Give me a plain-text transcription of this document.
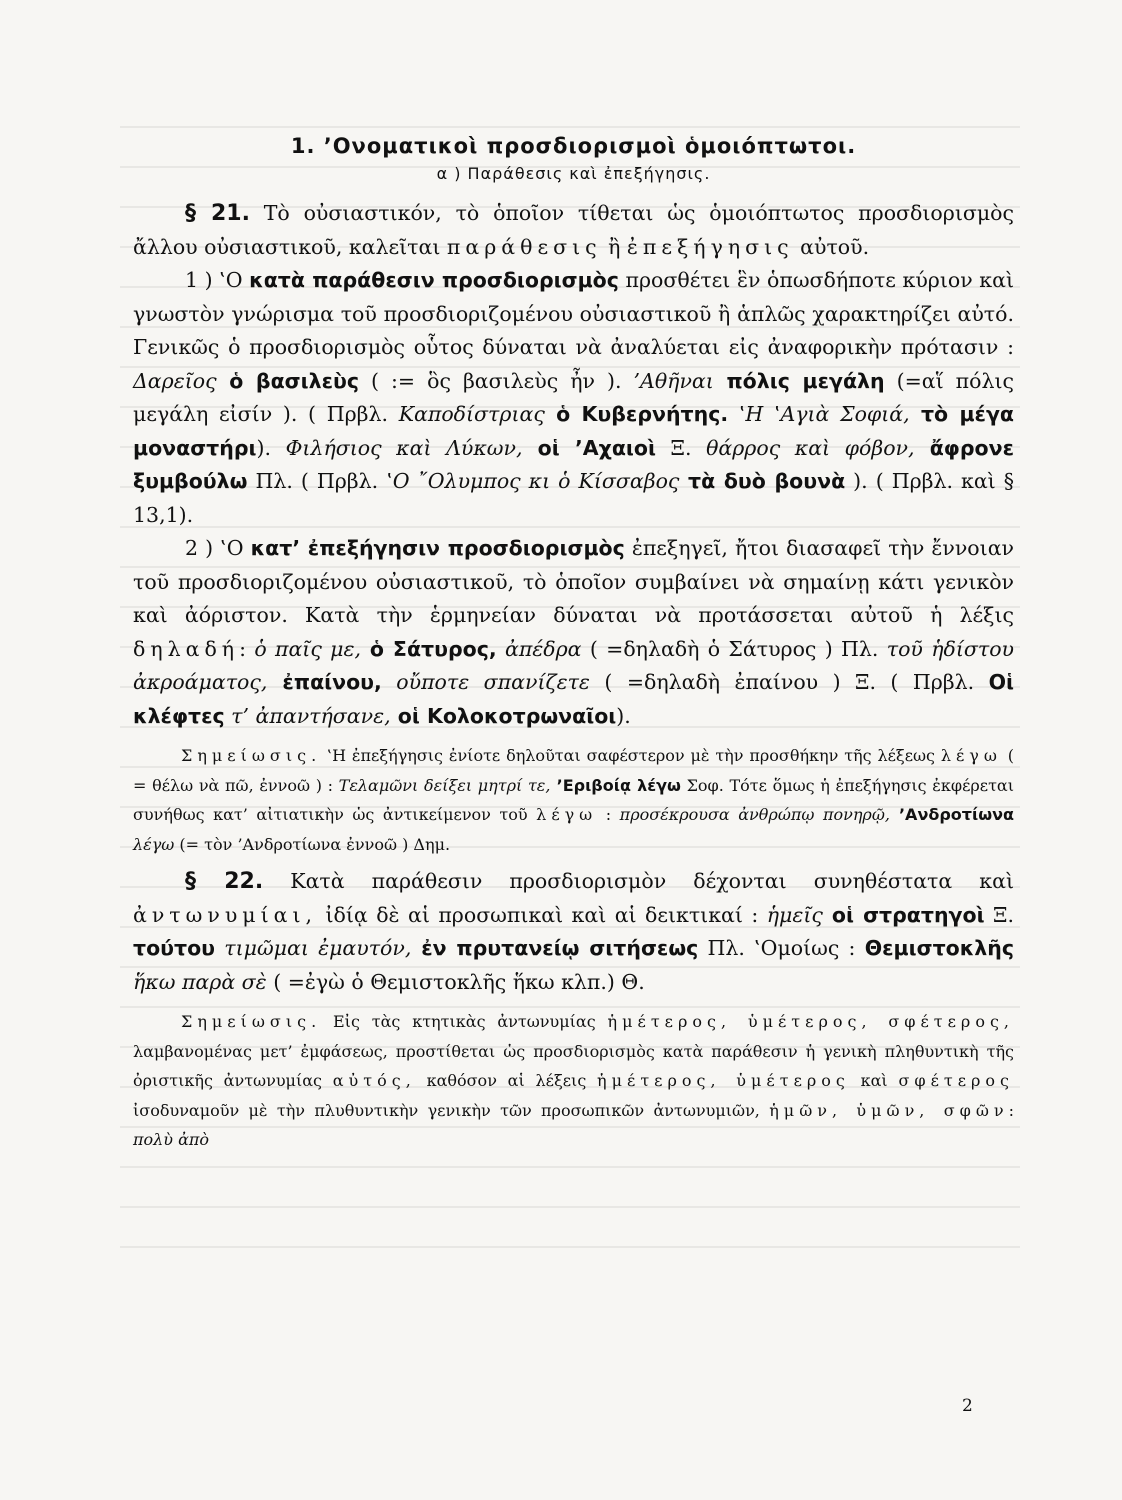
1. ’Ονοματικοὶ προσδιορισμοὶ ὁμοιόπτωτοι.
α ) Παράθεσις καὶ ἐπεξήγησις.

§ 21. Τὸ οὐσιαστικόν, τὸ ὁποῖον τίθεται ὡς ὁμοιόπτωτος προσδιορισμὸς ἄλλου οὐσιαστικοῦ, καλεῖται παράθεσις ἢ ἐπεξήγησις αὐτοῦ.

1 ) ‛Ο κατὰ παράθεσιν προσδιορισμὸς προσθέτει ἓν ὁπωσδήποτε κύριον καὶ γνωστὸν γνώρισμα τοῦ προσδιοριζομένου οὐσιαστικοῦ ἢ ἁπλῶς χαρακτηρίζει αὐτό. Γενικῶς ὁ προσδιορισμὸς οὗτος δύναται νὰ ἀναλύεται εἰς ἀναφορικὴν πρότασιν : Δαρεῖος ὁ βασιλεὺς ( := ὃς βασιλεὺς ἦν ). ’Αθῆναι πόλις μεγάλη (=αἵ πόλις μεγάλη εἰσίν ). ( Πρβλ. Καποδίστριας ὁ Κυβερνήτης. ‛Η ‛Αγιὰ Σοφιά, τὸ μέγα μοναστήρι). Φιλήσιος καὶ Λύκων, οἱ ’Αχαιοὶ Ξ. θάρρος καὶ φόβον, ἄφρονε ξυμβούλω Πλ. ( Πρβλ. ‛Ο ῎Ολυμπος κι ὁ Κίσσαβος τὰ δυὸ βουνὰ ). ( Πρβλ. καὶ § 13,1).

2 ) ‛Ο κατ’ ἐπεξήγησιν προσδιορισμὸς ἐπεξηγεῖ, ἤτοι διασαφεῖ τὴν ἔννοιαν τοῦ προσδιοριζομένου οὐσιαστικοῦ, τὸ ὁποῖον συμβαίνει νὰ σημαίνῃ κάτι γενικὸν καὶ ἀόριστον. Κατὰ τὴν ἑρμηνείαν δύναται νὰ προτάσσεται αὐτοῦ ἡ λέξις δηλαδή: ὁ παῖς με, ὁ Σάτυρος, ἀπέδρα ( =δηλαδὴ ὁ Σάτυρος ) Πλ. τοῦ ἡδίστου ἀκροάματος, ἐπαίνου, οὔποτε σπανίζετε ( =δηλαδὴ ἐπαίνου ) Ξ. ( Πρβλ. Οἱ κλέφτες τ’ ἀπαντήσανε, οἱ Κολοκοτρωναῖοι).

Σημείωσις. ‛Η ἐπεξήγησις ἐνίοτε δηλοῦται σαφέστερον μὲ τὴν προσθήκην τῆς λέξεως λέγω ( = θέλω νὰ πῶ, ἐννοῶ ) : Τελαμῶνι δείξει μητρί τε, ’Εριβοίᾳ λέγω Σοφ. Τότε ὅμως ἡ ἐπεξήγησις ἐκφέρεται συνήθως κατ’ αἰτιατικὴν ὡς ἀντικείμενον τοῦ λέγω : προσέκρουσα ἀνθρώπῳ πονηρῷ, ’Ανδροτίωνα λέγω (= τὸν ’Ανδροτίωνα ἐννοῶ ) Δημ.

§ 22. Κατὰ παράθεσιν προσδιορισμὸν δέχονται συνηθέστατα καὶ ἀντωνυμίαι, ἰδίᾳ δὲ αἱ προσωπικαὶ καὶ αἱ δεικτικαί : ἡμεῖς οἱ στρατηγοὶ Ξ. τούτου τιμῶμαι ἐμαυτόν, ἐν πρυτανείῳ σιτήσεως Πλ. ‛Ομοίως : Θεμιστοκλῆς ἥκω παρὰ σὲ ( =ἐγὼ ὁ Θεμιστοκλῆς ἥκω κλπ.) Θ.

Σημείωσις. Εἰς τὰς κτητικὰς ἀντωνυμίας ἡμέτερος, ὑμέτερος, σφέτερος, λαμβανομένας μετ’ ἐμφάσεως, προστίθεται ὡς προσδιορισμὸς κατὰ παράθεσιν ἡ γενικὴ πληθυντικὴ τῆς ὀριστικῆς ἀντωνυμίας αὐτός, καθόσον αἱ λέξεις ἡμέτερος, ὑμέτερος καὶ σφέτερος ἰσοδυναμοῦν μὲ τὴν πλυθυντικὴν γενικὴν τῶν προσωπικῶν ἀντωνυμιῶν, ἡμῶν, ὑμῶν, σφῶν: πολὺ ἀπὸ

2
